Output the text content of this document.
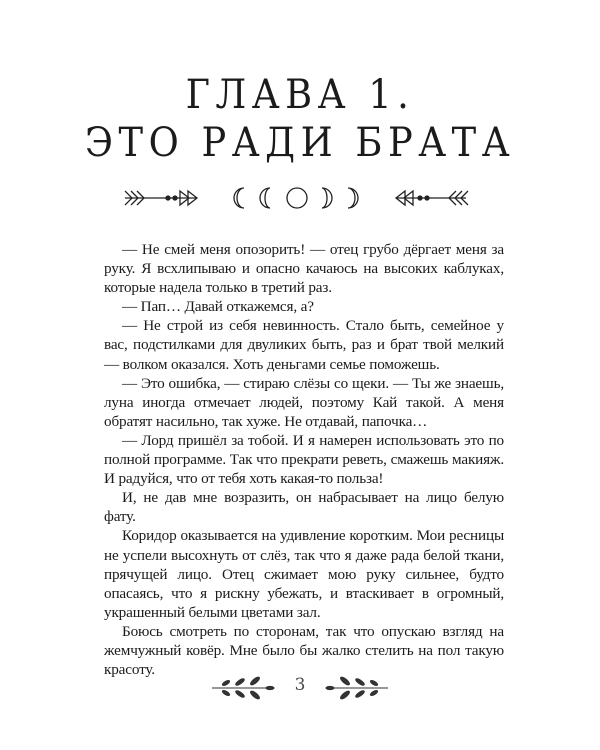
ГЛАВА 1.
ЭТО РАДИ БРАТА

— Не смей меня опозорить! — отец грубо дёргает меня за руку. Я всхлипываю и опасно качаюсь на высоких каблуках, которые надела только в третий раз.

— Пап… Давай откажемся, а?

— Не строй из себя невинность. Стало быть, семейное у вас, подстилками для двуликих быть, раз и брат твой мелкий — волком оказался. Хоть деньгами семье поможешь.

— Это ошибка, — стираю слёзы со щеки. — Ты же знаешь, луна иногда отмечает людей, поэтому Кай такой. А меня обратят насильно, так хуже. Не отдавай, папочка…

— Лорд пришёл за тобой. И я намерен использовать это по полной программе. Так что прекрати реветь, смажешь макияж. И радуйся, что от тебя хоть какая-то польза!

И, не дав мне возразить, он набрасывает на лицо белую фату.

Коридор оказывается на удивление коротким. Мои ресницы не успели высохнуть от слёз, так что я даже рада белой ткани, прячущей лицо. Отец сжимает мою руку сильнее, будто опасаясь, что я рискну убежать, и втаскивает в огромный, украшенный белыми цветами зал.

Боюсь смотреть по сторонам, так что опускаю взгляд на жемчужный ковёр. Мне было бы жалко стелить на пол такую красоту.

3
